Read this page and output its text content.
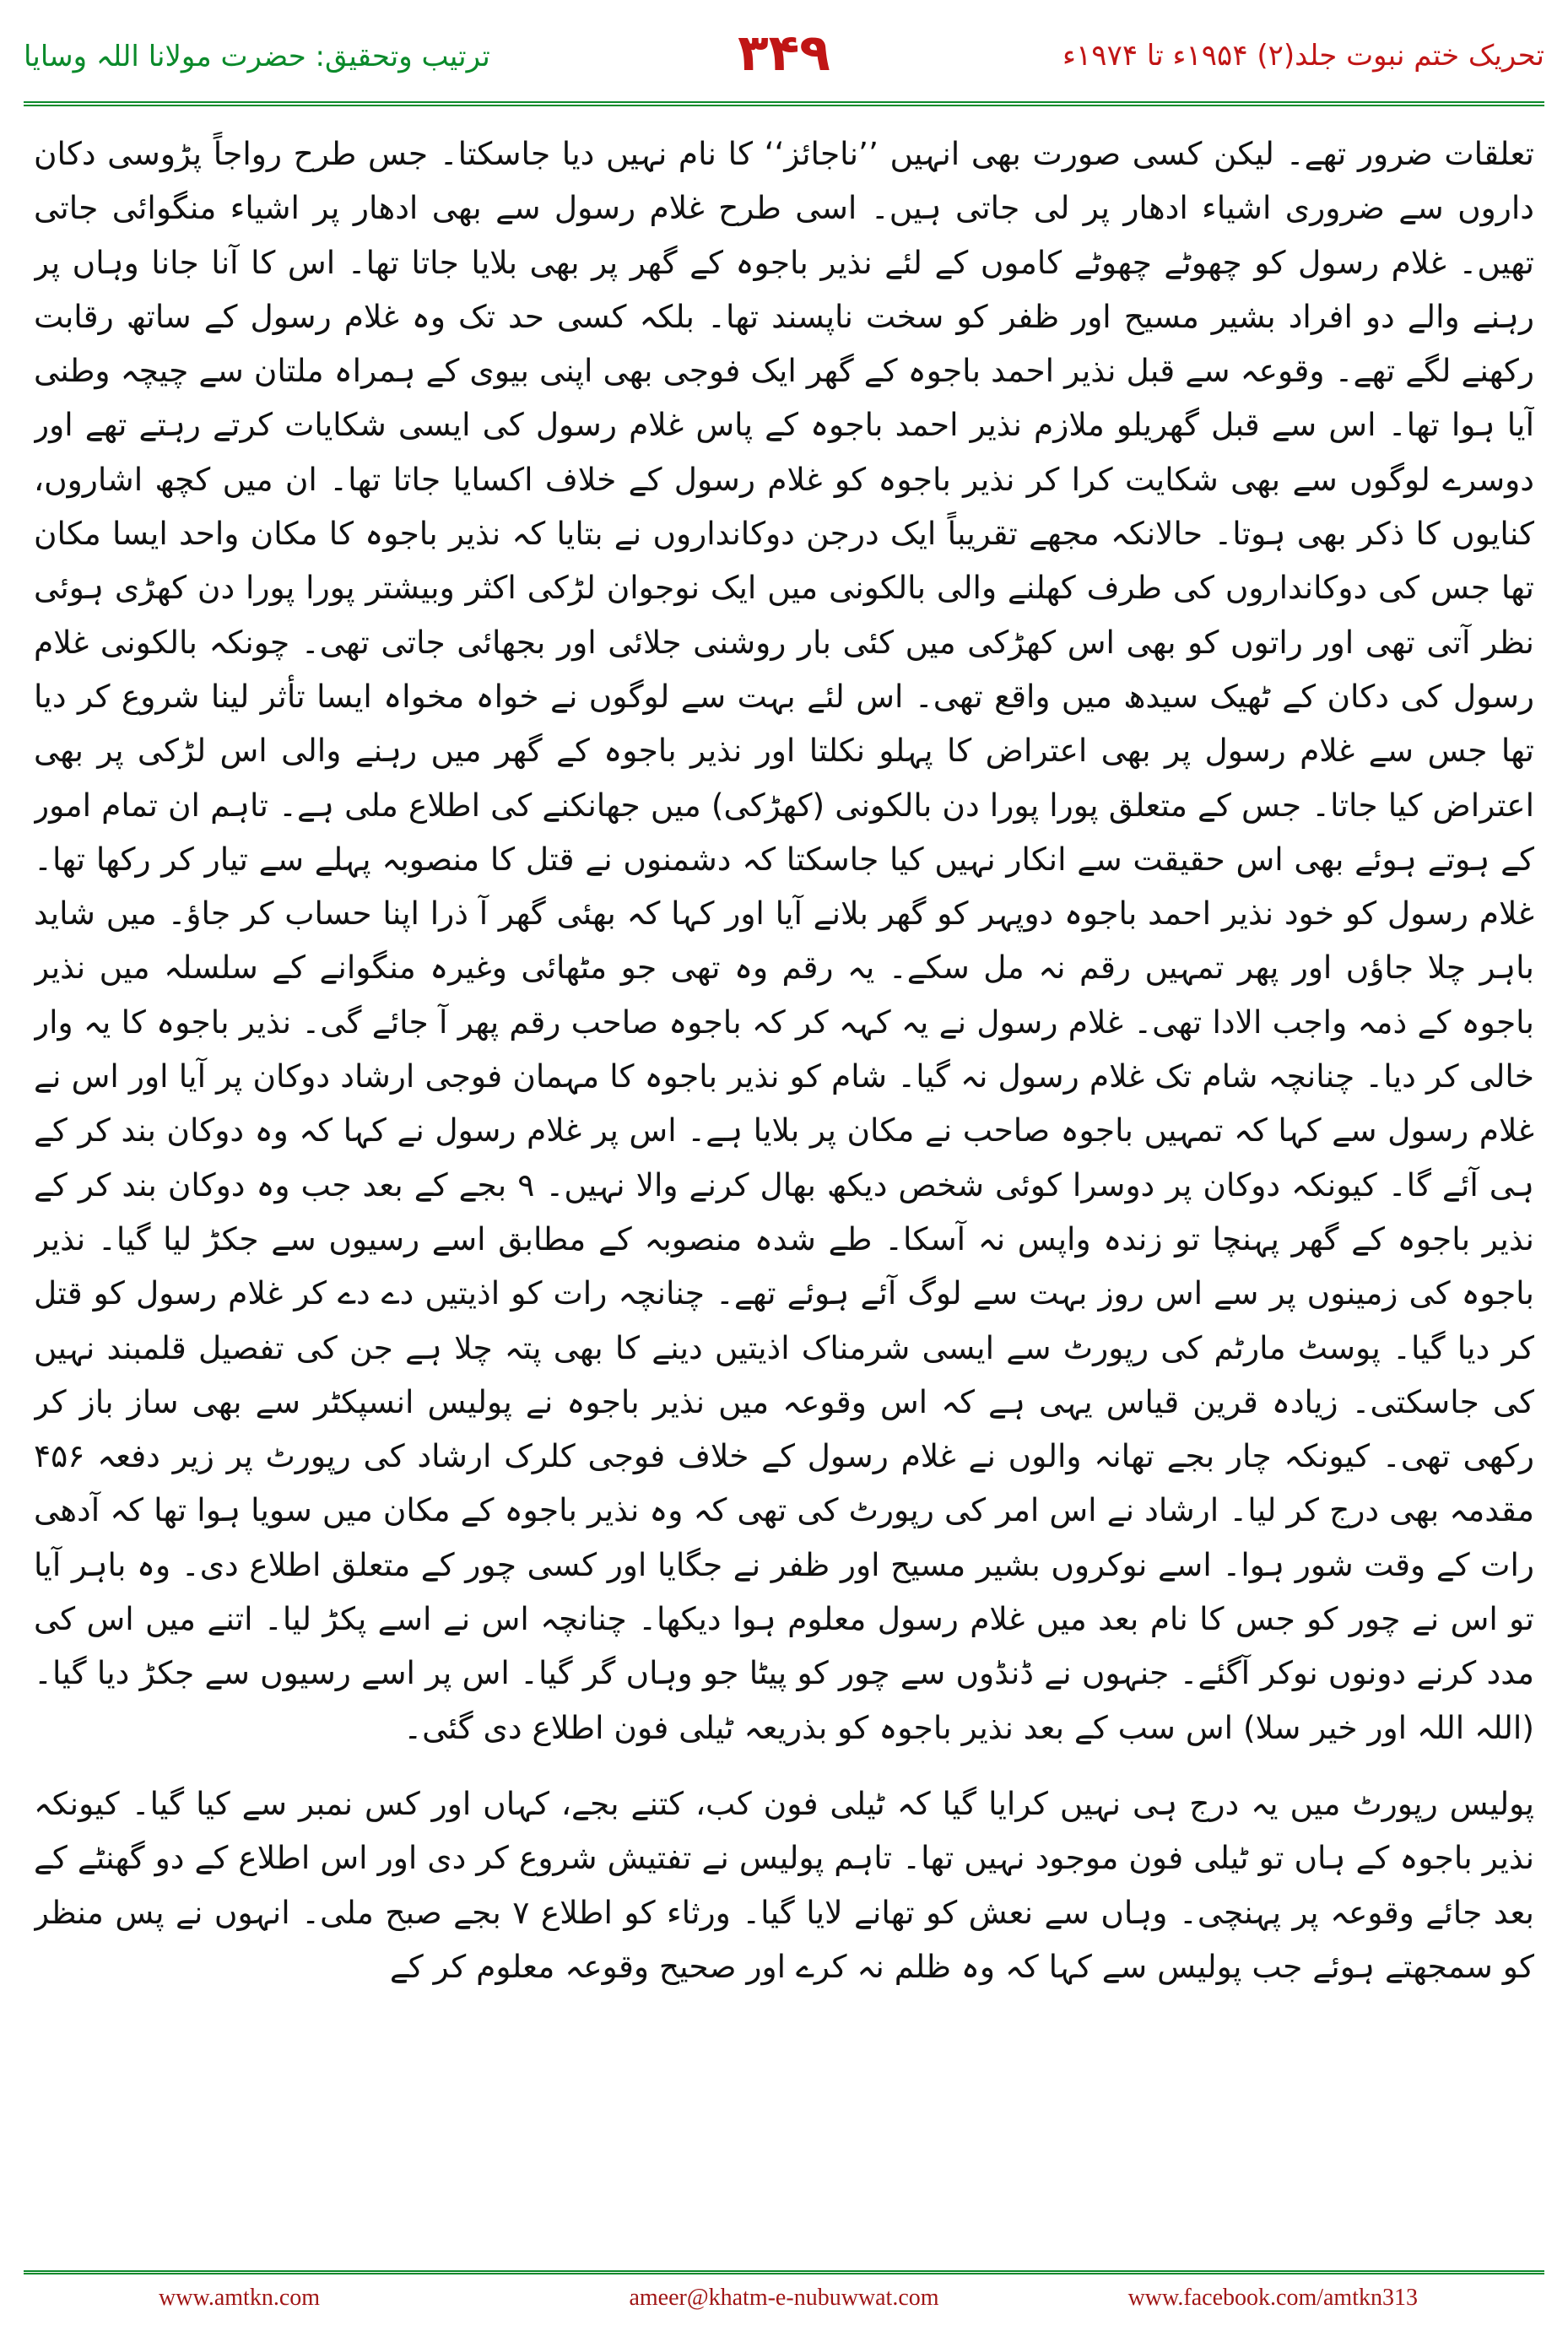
ترتیب وتحقیق: حضرت مولانا اللہ وسایا	۳۴۹	تحریک ختم نبوت جلد(۲) ۱۹۵۴ء تا ۱۹۷۴ء

تعلقات ضرور تھے۔ لیکن کسی صورت بھی انہیں ’’ناجائز‘‘ کا نام نہیں دیا جاسکتا۔ جس طرح رواجاً پڑوسی دکان داروں سے ضروری اشیاء ادھار پر لی جاتی ہیں۔ اسی طرح غلام رسول سے بھی ادھار پر اشیاء منگوائی جاتی تھیں۔ غلام رسول کو چھوٹے چھوٹے کاموں کے لئے نذیر باجوہ کے گھر پر بھی بلایا جاتا تھا۔ اس کا آنا جانا وہاں پر رہنے والے دو افراد بشیر مسیح اور ظفر کو سخت ناپسند تھا۔ بلکہ کسی حد تک وہ غلام رسول کے ساتھ رقابت رکھنے لگے تھے۔ وقوعہ سے قبل نذیر احمد باجوہ کے گھر ایک فوجی بھی اپنی بیوی کے ہمراہ ملتان سے چیچہ وطنی آیا ہوا تھا۔ اس سے قبل گھریلو ملازم نذیر احمد باجوہ کے پاس غلام رسول کی ایسی شکایات کرتے رہتے تھے اور دوسرے لوگوں سے بھی شکایت کرا کر نذیر باجوہ کو غلام رسول کے خلاف اکسایا جاتا تھا۔ ان میں کچھ اشاروں، کنایوں کا ذکر بھی ہوتا۔ حالانکہ مجھے تقریباً ایک درجن دوکانداروں نے بتایا کہ نذیر باجوہ کا مکان واحد ایسا مکان تھا جس کی دوکانداروں کی طرف کھلنے والی بالکونی میں ایک نوجوان لڑکی اکثر وبیشتر پورا پورا دن کھڑی ہوئی نظر آتی تھی اور راتوں کو بھی اس کھڑکی میں کئی بار روشنی جلائی اور بجھائی جاتی تھی۔ چونکہ بالکونی غلام رسول کی دکان کے ٹھیک سیدھ میں واقع تھی۔ اس لئے بہت سے لوگوں نے خواہ مخواہ ایسا تأثر لینا شروع کر دیا تھا جس سے غلام رسول پر بھی اعتراض کا پہلو نکلتا اور نذیر باجوہ کے گھر میں رہنے والی اس لڑکی پر بھی اعتراض کیا جاتا۔ جس کے متعلق پورا پورا دن بالکونی (کھڑکی) میں جھانکنے کی اطلاع ملی ہے۔ تاہم ان تمام امور کے ہوتے ہوئے بھی اس حقیقت سے انکار نہیں کیا جاسکتا کہ دشمنوں نے قتل کا منصوبہ پہلے سے تیار کر رکھا تھا۔ غلام رسول کو خود نذیر احمد باجوہ دوپہر کو گھر بلانے آیا اور کہا کہ بھئی گھر آ ذرا اپنا حساب کر جاؤ۔ میں شاید باہر چلا جاؤں اور پھر تمہیں رقم نہ مل سکے۔ یہ رقم وہ تھی جو مٹھائی وغیرہ منگوانے کے سلسلہ میں نذیر باجوہ کے ذمہ واجب الادا تھی۔ غلام رسول نے یہ کہہ کر کہ باجوہ صاحب رقم پھر آ جائے گی۔ نذیر باجوہ کا یہ وار خالی کر دیا۔ چنانچہ شام تک غلام رسول نہ گیا۔ شام کو نذیر باجوہ کا مہمان فوجی ارشاد دوکان پر آیا اور اس نے غلام رسول سے کہا کہ تمہیں باجوہ صاحب نے مکان پر بلایا ہے۔ اس پر غلام رسول نے کہا کہ وہ دوکان بند کر کے ہی آئے گا۔ کیونکہ دوکان پر دوسرا کوئی شخص دیکھ بھال کرنے والا نہیں۔ ۹ بجے کے بعد جب وہ دوکان بند کر کے نذیر باجوہ کے گھر پہنچا تو زندہ واپس نہ آسکا۔ طے شدہ منصوبہ کے مطابق اسے رسیوں سے جکڑ لیا گیا۔ نذیر باجوہ کی زمینوں پر سے اس روز بہت سے لوگ آئے ہوئے تھے۔ چنانچہ رات کو اذیتیں دے دے کر غلام رسول کو قتل کر دیا گیا۔ پوسٹ مارٹم کی رپورٹ سے ایسی شرمناک اذیتیں دینے کا بھی پتہ چلا ہے جن کی تفصیل قلمبند نہیں کی جاسکتی۔ زیادہ قرین قیاس یہی ہے کہ اس وقوعہ میں نذیر باجوہ نے پولیس انسپکٹر سے بھی ساز باز کر رکھی تھی۔ کیونکہ چار بجے تھانہ والوں نے غلام رسول کے خلاف فوجی کلرک ارشاد کی رپورٹ پر زیر دفعہ ۴۵۶ مقدمہ بھی درج کر لیا۔ ارشاد نے اس امر کی رپورٹ کی تھی کہ وہ نذیر باجوہ کے مکان میں سویا ہوا تھا کہ آدھی رات کے وقت شور ہوا۔ اسے نوکروں بشیر مسیح اور ظفر نے جگایا اور کسی چور کے متعلق اطلاع دی۔ وہ باہر آیا تو اس نے چور کو جس کا نام بعد میں غلام رسول معلوم ہوا دیکھا۔ چنانچہ اس نے اسے پکڑ لیا۔ اتنے میں اس کی مدد کرنے دونوں نوکر آگئے۔ جنہوں نے ڈنڈوں سے چور کو پیٹا جو وہاں گر گیا۔ اس پر اسے رسیوں سے جکڑ دیا گیا۔ (اللہ اللہ اور خیر سلا) اس سب کے بعد نذیر باجوہ کو بذریعہ ٹیلی فون اطلاع دی گئی۔

پولیس رپورٹ میں یہ درج ہی نہیں کرایا گیا کہ ٹیلی فون کب، کتنے بجے، کہاں اور کس نمبر سے کیا گیا۔ کیونکہ نذیر باجوہ کے ہاں تو ٹیلی فون موجود نہیں تھا۔ تاہم پولیس نے تفتیش شروع کر دی اور اس اطلاع کے دو گھنٹے کے بعد جائے وقوعہ پر پہنچی۔ وہاں سے نعش کو تھانے لایا گیا۔ ورثاء کو اطلاع ۷ بجے صبح ملی۔ انہوں نے پس منظر کو سمجھتے ہوئے جب پولیس سے کہا کہ وہ ظلم نہ کرے اور صحیح وقوعہ معلوم کر کے

www.amtkn.com	ameer@khatm-e-nubuwwat.com	www.facebook.com/amtkn313
